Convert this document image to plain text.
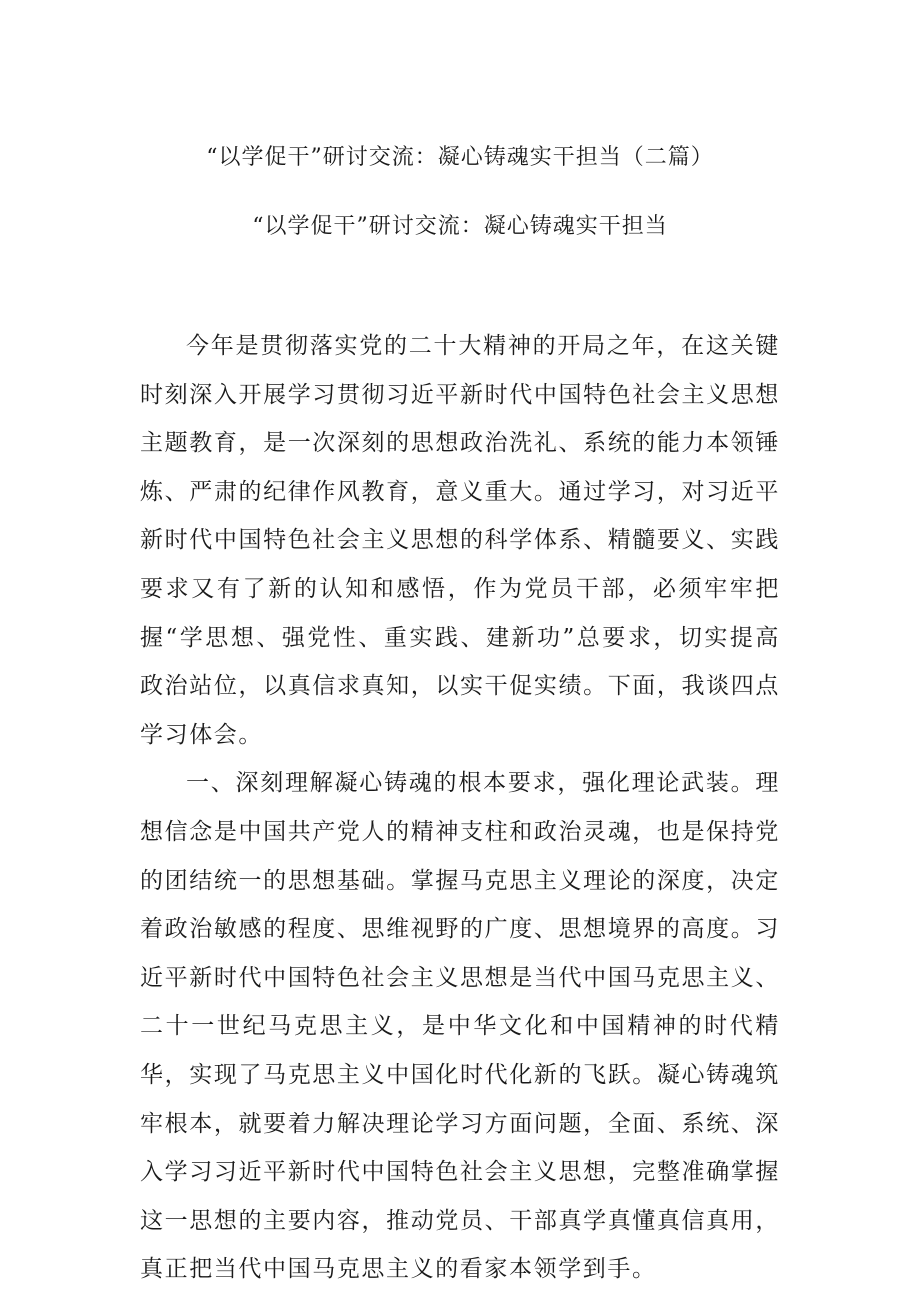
“以学促干”研讨交流：凝心铸魂实干担当（二篇）
“以学促干”研讨交流：凝心铸魂实干担当

今年是贯彻落实党的二十大精神的开局之年，在这关键时刻深入开展学习贯彻习近平新时代中国特色社会主义思想主题教育，是一次深刻的思想政治洗礼、系统的能力本领锤炼、严肃的纪律作风教育，意义重大。通过学习，对习近平新时代中国特色社会主义思想的科学体系、精髓要义、实践要求又有了新的认知和感悟，作为党员干部，必须牢牢把握“学思想、强党性、重实践、建新功”总要求，切实提高政治站位，以真信求真知，以实干促实绩。下面，我谈四点学习体会。

一、深刻理解凝心铸魂的根本要求，强化理论武装。理想信念是中国共产党人的精神支柱和政治灵魂，也是保持党的团结统一的思想基础。掌握马克思主义理论的深度，决定着政治敏感的程度、思维视野的广度、思想境界的高度。习近平新时代中国特色社会主义思想是当代中国马克思主义、二十一世纪马克思主义，是中华文化和中国精神的时代精华，实现了马克思主义中国化时代化新的飞跃。凝心铸魂筑牢根本，就要着力解决理论学习方面问题，全面、系统、深入学习习近平新时代中国特色社会主义思想，完整准确掌握这一思想的主要内容，推动党员、干部真学真懂真信真用，真正把当代中国马克思主义的看家本领学到手。
